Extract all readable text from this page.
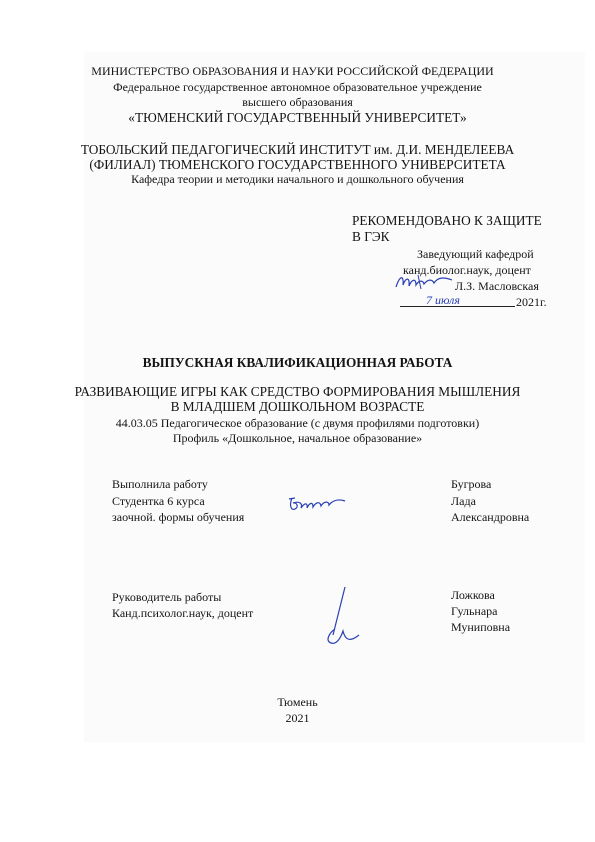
МИНИСТЕРСТВО ОБРАЗОВАНИЯ И НАУКИ РОССИЙСКОЙ ФЕДЕРАЦИИ
Федеральное государственное автономное образовательное учреждение
высшего образования
«ТЮМЕНСКИЙ ГОСУДАРСТВЕННЫЙ УНИВЕРСИТЕТ»
ТОБОЛЬСКИЙ ПЕДАГОГИЧЕСКИЙ ИНСТИТУТ им. Д.И. МЕНДЕЛЕЕВА
(ФИЛИАЛ) ТЮМЕНСКОГО ГОСУДАРСТВЕННОГО УНИВЕРСИТЕТА
Кафедра теории и методики начального и дошкольного обучения
РЕКОМЕНДОВАНО К ЗАЩИТЕ
В ГЭК
Заведующий кафедрой
канд.биолог.наук, доцент
Л.З. Масловская
7 июля	2021г.
ВЫПУСКНАЯ КВАЛИФИКАЦИОННАЯ РАБОТА
РАЗВИВАЮЩИЕ ИГРЫ КАК СРЕДСТВО ФОРМИРОВАНИЯ МЫШЛЕНИЯ
В МЛАДШЕМ ДОШКОЛЬНОМ ВОЗРАСТЕ
44.03.05 Педагогическое образование (с двумя профилями подготовки)
Профиль «Дошкольное, начальное образование»
Выполнила работу
Студентка 6 курса
заочной. формы обучения
Бугрова
Лада
Александровна
Руководитель работы
Канд.психолог.наук, доцент
Ложкова
Гульнара
Муниповна
Тюмень
2021
